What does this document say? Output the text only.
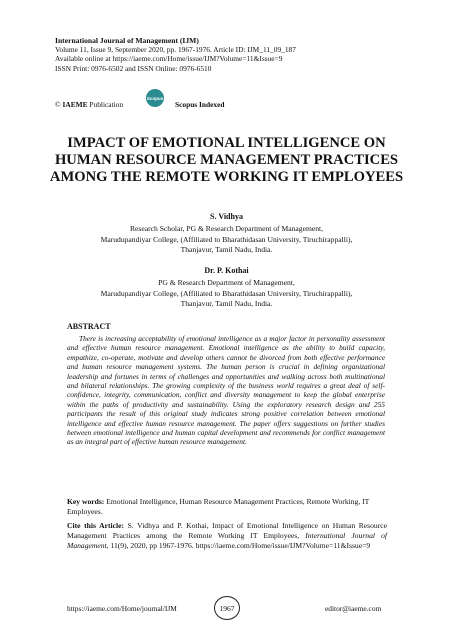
International Journal of Management (IJM)
Volume 11, Issue 9, September 2020, pp. 1967-1976. Article ID: IJM_11_09_187
Available online at https://iaeme.com/Home/issue/IJM?Volume=11&Issue=9
ISSN Print: 0976-6502 and ISSN Online: 0976-6510
© IAEME Publication
Scopus
Scopus Indexed
IMPACT OF EMOTIONAL INTELLIGENCE ON HUMAN RESOURCE MANAGEMENT PRACTICES AMONG THE REMOTE WORKING IT EMPLOYEES
S. Vidhya
Research Scholar, PG & Research Department of Management,
Marudupandiyar College, (Affiliated to Bharathidasan University, Tiruchirappalli),
Thanjavur, Tamil Nadu, India.
Dr. P. Kothai
PG & Research Department of Management,
Marudupandiyar College, (Affiliated to Bharathidasan University, Tiruchirappalli),
Thanjavur, Tamil Nadu, India.
ABSTRACT
There is increasing acceptability of emotional intelligence as a major factor in personality assessment and effective human resource management. Emotional intelligence as the ability to build capacity, empathize, co-operate, motivate and develop others cannot be divorced from both effective performance and human resource management systems. The human person is crucial in defining organizational leadership and fortunes in terms of challenges and opportunities and walking across both multinational and bilateral relationships. The growing complexity of the business world requires a great deal of self-confidence, integrity, communication, conflict and diversity management to keep the global enterprise within the paths of productivity and sustainability. Using the exploratory research design and 255 participants the result of this original study indicates strong positive correlation between emotional intelligence and effective human resource management. The paper offers suggestions on further studies between emotional intelligence and human capital development and recommends for conflict management as an integral part of effective human resource management.
Key words: Emotional Intelligence, Human Resource Management Practices, Remote Working, IT Employees.
Cite this Article: S. Vidhya and P. Kothai, Impact of Emotional Intelligence on Human Resource Management Practices among the Remote Working IT Employees, International Journal of Management, 11(9), 2020, pp 1967-1976. https://iaeme.com/Home/issue/IJM?Volume=11&Issue=9
https://iaeme.com/Home/journal/IJM	1967	editor@iaeme.com
